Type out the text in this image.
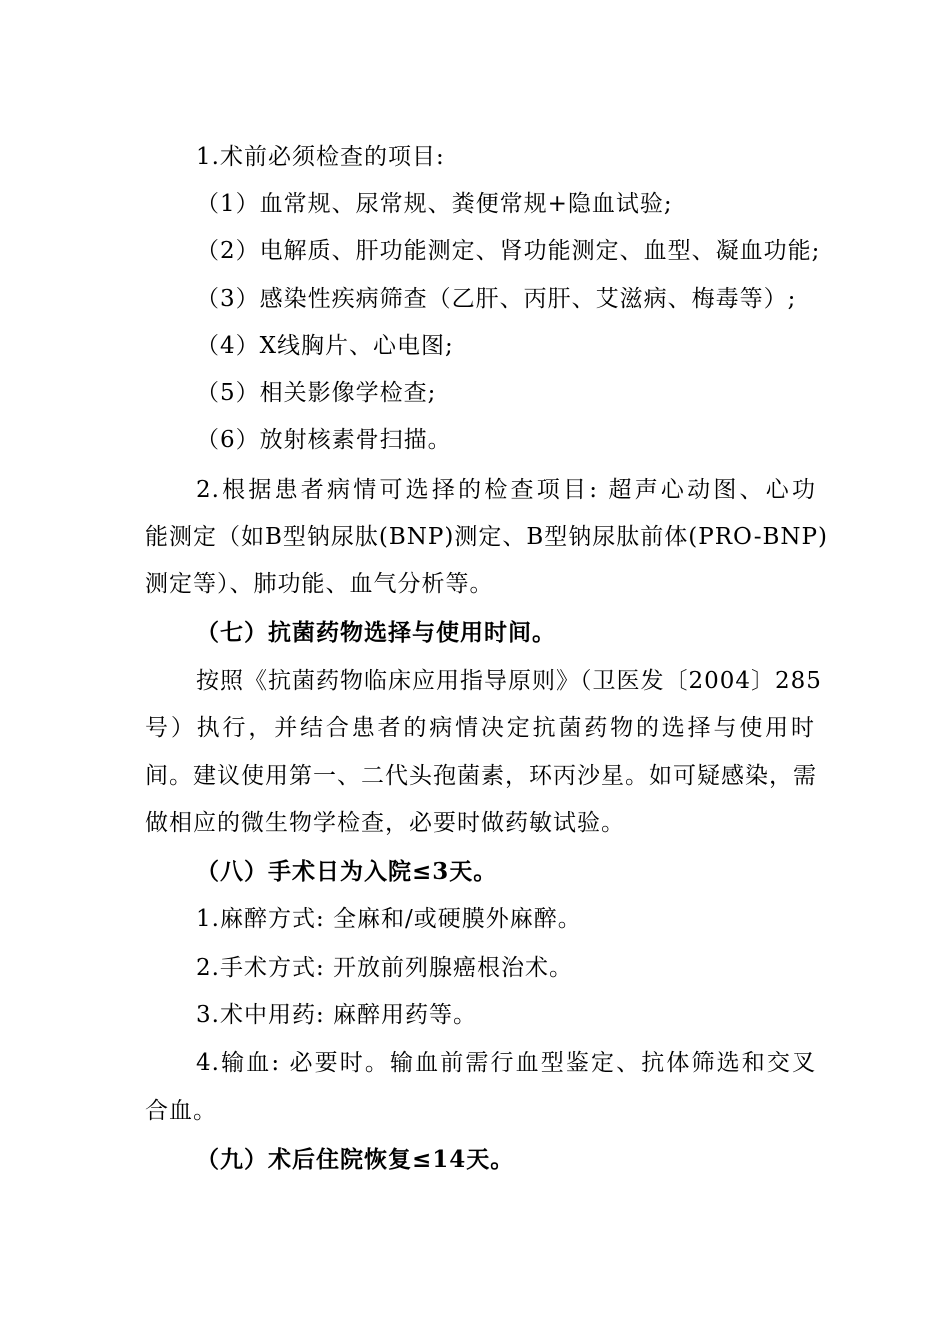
1.术前必须检查的项目:
（1）血常规、尿常规、粪便常规+隐血试验;
（2）电解质、肝功能测定、肾功能测定、血型、凝血功能;
（3）感染性疾病筛查（乙肝、丙肝、艾滋病、梅毒等）;
（4）X线胸片、心电图;
（5）相关影像学检查;
（6）放射核素骨扫描。
2.根据患者病情可选择的检查项目: 超声心动图、心功
能测定（如B型钠尿肽(BNP)测定、B型钠尿肽前体(PRO-BNP)
测定等）、肺功能、血气分析等。
（七）抗菌药物选择与使用时间。
按照《抗菌药物临床应用指导原则》（卫医发〔2004〕285
号）执行，并结合患者的病情决定抗菌药物的选择与使用时
间。建议使用第一、二代头孢菌素，环丙沙星。如可疑感染，需
做相应的微生物学检查，必要时做药敏试验。
（八）手术日为入院≤3天。
1.麻醉方式: 全麻和/或硬膜外麻醉。
2.手术方式: 开放前列腺癌根治术。
3.术中用药: 麻醉用药等。
4.输血: 必要时。输血前需行血型鉴定、抗体筛选和交叉
合血。
（九）术后住院恢复≤14天。
